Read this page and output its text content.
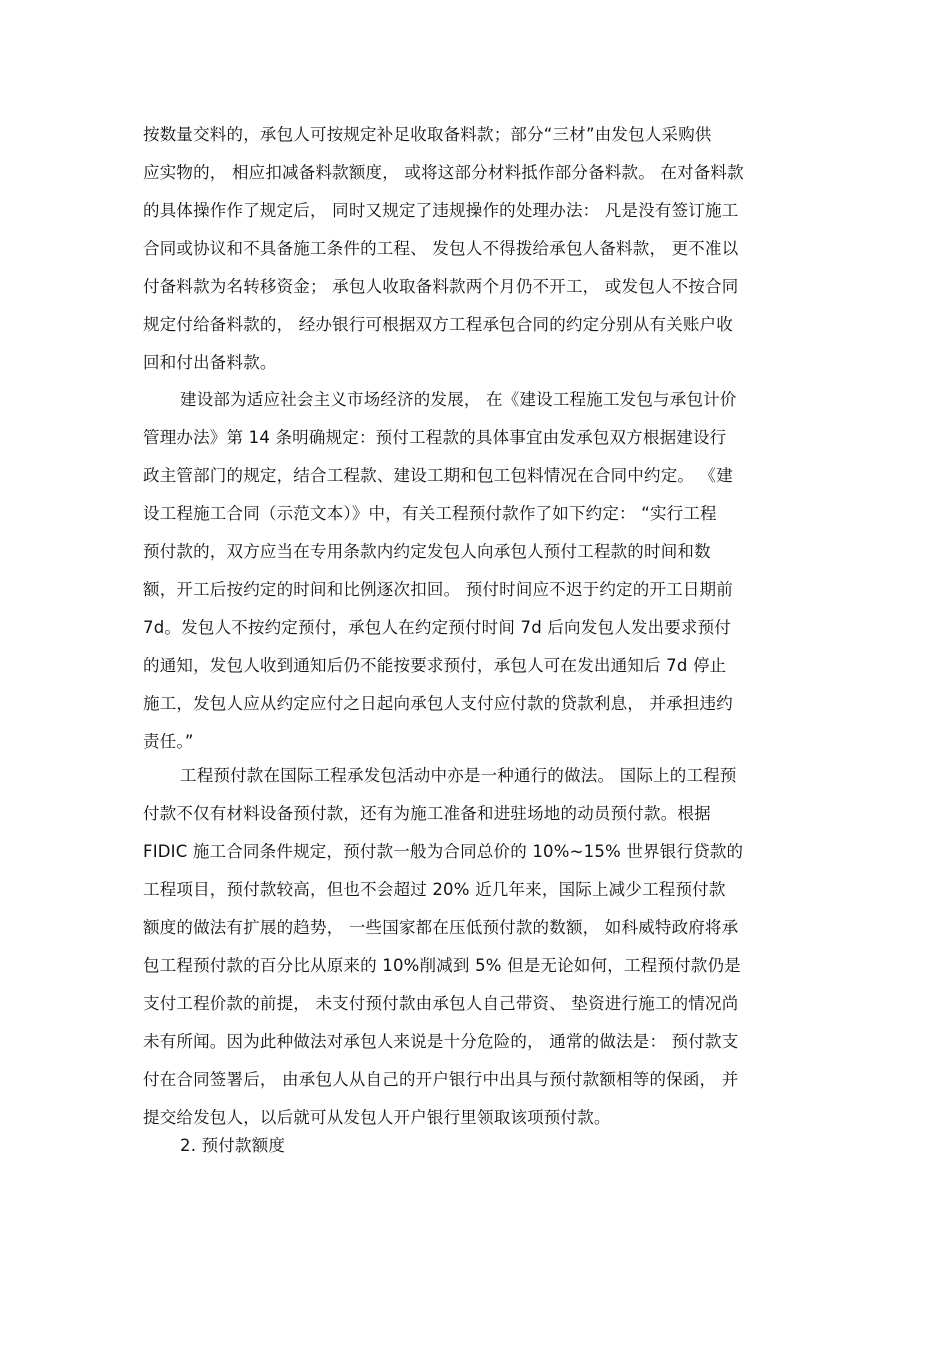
按数量交料的，承包人可按规定补足收取备料款；部分“三材”由发包人采购供
应实物的， 相应扣减备料款额度， 或将这部分材料抵作部分备料款。 在对备料款
的具体操作作了规定后， 同时又规定了违规操作的处理办法： 凡是没有签订施工
合同或协议和不具备施工条件的工程、 发包人不得拨给承包人备料款， 更不准以
付备料款为名转移资金； 承包人收取备料款两个月仍不开工， 或发包人不按合同
规定付给备料款的， 经办银行可根据双方工程承包合同的约定分别从有关账户收
回和付出备料款。
建设部为适应社会主义市场经济的发展， 在《建设工程施工发包与承包计价
管理办法》第 14 条明确规定：预付工程款的具体事宜由发承包双方根据建设行
政主管部门的规定，结合工程款、建设工期和包工包料情况在合同中约定。 《建
设工程施工合同（示范文本）》中，有关工程预付款作了如下约定： “实行工程
预付款的，双方应当在专用条款内约定发包人向承包人预付工程款的时间和数
额，开工后按约定的时间和比例逐次扣回。 预付时间应不迟于约定的开工日期前
7d。发包人不按约定预付，承包人在约定预付时间 7d 后向发包人发出要求预付
的通知，发包人收到通知后仍不能按要求预付，承包人可在发出通知后 7d 停止
施工，发包人应从约定应付之日起向承包人支付应付款的贷款利息， 并承担违约
责任。”
工程预付款在国际工程承发包活动中亦是一种通行的做法。 国际上的工程预
付款不仅有材料设备预付款，还有为施工准备和进驻场地的动员预付款。根据
FIDIC 施工合同条件规定，预付款一般为合同总价的 10%~15% 世界银行贷款的
工程项目，预付款较高，但也不会超过 20% 近几年来，国际上减少工程预付款
额度的做法有扩展的趋势， 一些国家都在压低预付款的数额， 如科威特政府将承
包工程预付款的百分比从原来的 10%削减到 5% 但是无论如何，工程预付款仍是
支付工程价款的前提， 未支付预付款由承包人自己带资、 垫资进行施工的情况尚
未有所闻。因为此种做法对承包人来说是十分危险的， 通常的做法是： 预付款支
付在合同签署后， 由承包人从自己的开户银行中出具与预付款额相等的保函， 并
提交给发包人，以后就可从发包人开户银行里领取该项预付款。
2. 预付款额度
